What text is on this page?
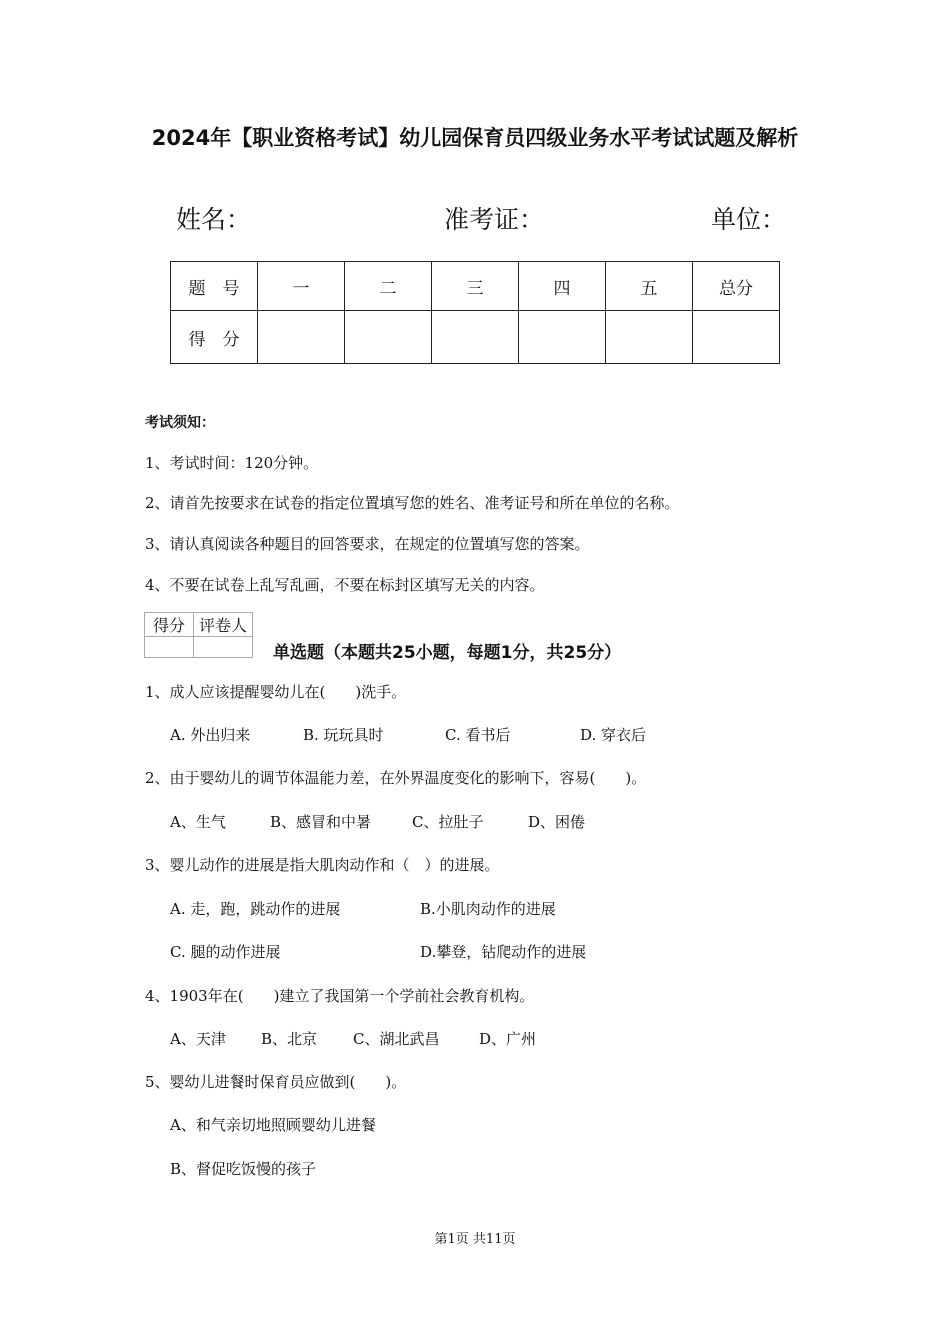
2024年【职业资格考试】幼儿园保育员四级业务水平考试试题及解析
姓名：	准考证：	单位：
题　号	一	二	三	四	五	总分
得　分						
考试须知：
1、考试时间：120分钟。
2、请首先按要求在试卷的指定位置填写您的姓名、准考证号和所在单位的名称。
3、请认真阅读各种题目的回答要求，在规定的位置填写您的答案。
4、不要在试卷上乱写乱画，不要在标封区填写无关的内容。
得分	评卷人

单选题（本题共25小题，每题1分，共25分）
1、成人应该提醒婴幼儿在(　　)洗手。
A. 外出归来	B. 玩玩具时	C. 看书后	D. 穿衣后
2、由于婴幼儿的调节体温能力差，在外界温度变化的影响下，容易(　　)。
A、生气	B、感冒和中暑	C、拉肚子	D、困倦
3、婴儿动作的进展是指大肌肉动作和（　）的进展。
A. 走，跑，跳动作的进展	B.小肌肉动作的进展
C. 腿的动作进展	D.攀登，钻爬动作的进展
4、1903年在(　　)建立了我国第一个学前社会教育机构。
A、天津 B、北京 C、湖北武昌	D、广州
5、婴幼儿进餐时保育员应做到(　　)。
A、和气亲切地照顾婴幼儿进餐
B、督促吃饭慢的孩子
第1页 共11页
